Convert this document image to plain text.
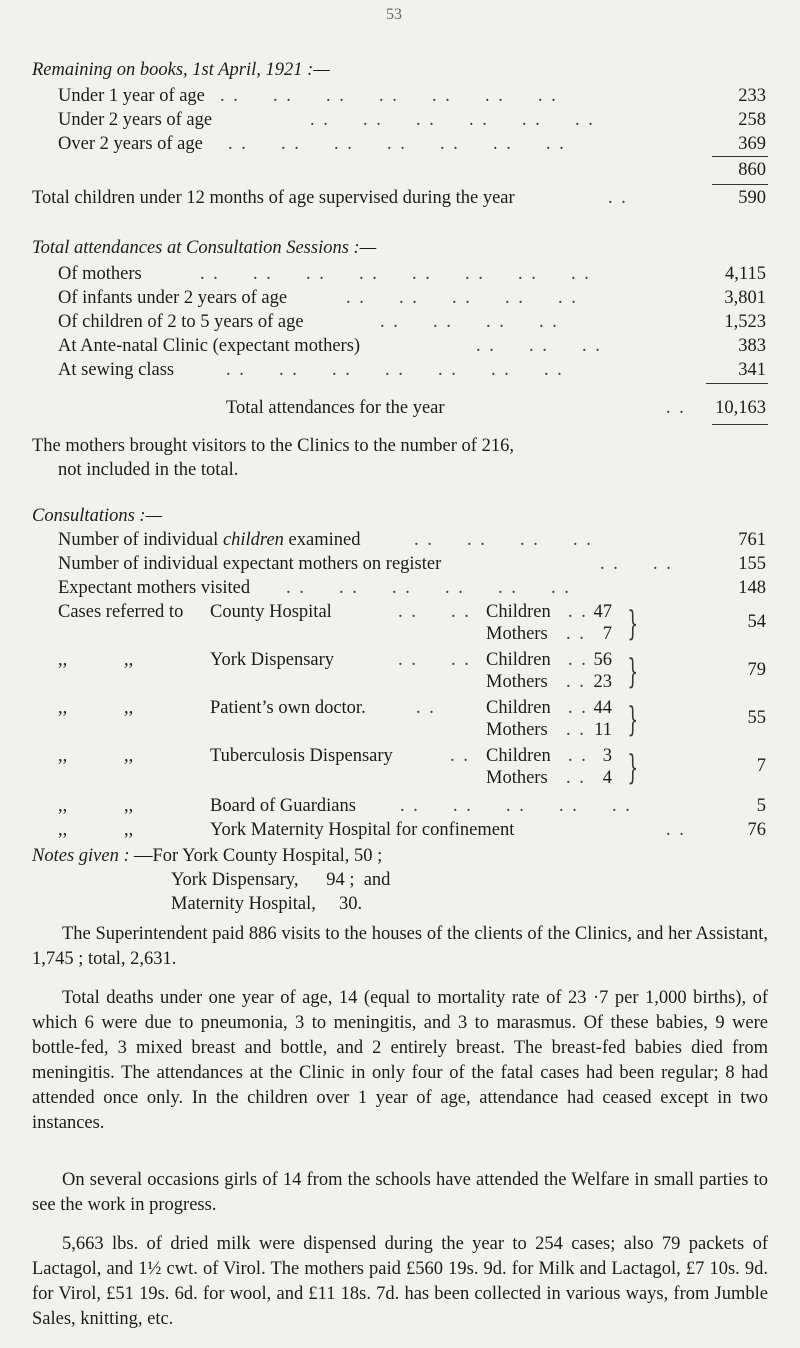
53
Remaining on books, 1st April, 1921 :—
Under 1 year of age . .     . .     . .     . .     . .     . .     . .	233
Under 2 years of age	. .     . .     . .     . .     . .     . .	258
Over 2 years of age . .     . .     . .     . .     . .     . .     . .	369
860
Total children under 12 months of age supervised during the year	. .	590
Total attendances at Consultation Sessions :—
Of mothers	. .     . .     . .     . .     . .     . .     . .     . .	4,115
Of infants under 2 years of age	. .     . .     . .     . .     . .	3,801
Of children of 2 to 5 years of age	. .     . .     . .     . .	1,523
At Ante-natal Clinic (expectant mothers)	. .     . .     . .	383
At sewing class	. .     . .     . .     . .     . .     . .     . .	341
Total attendances for the year	. . 10,163
The mothers brought visitors to the Clinics to the number of 216,
not included in the total.
Consultations :—
Number of individual children examined	. .     . .     . .     . .	761
Number of individual expectant mothers on register	. .     . .	155
Expectant mothers visited . .     . .     . .     . .     . .     . .	148
Cases referred to County Hospital	. .     . . Children . . 47
Mothers . . 7 }	54
,,	,,	York Dispensary	. .     . . Children . . 56
Mothers . . 23 }	79
,,	,,	Patient’s own doctor.	. .	Children . . 44
Mothers . . 11 }	55
,,	,,	Tuberculosis Dispensary	. . Children . . 3
Mothers . . 4 }	7
,,	,,	Board of Guardians . .     . .     . .     . .     . .	5
,,	,,	York Maternity Hospital for confinement	. .	76
Notes given : —For York County Hospital, 50 ;
York Dispensary,      94 ;  and
Maternity Hospital,     30.

The Superintendent paid 886 visits to the houses of the clients of the Clinics, and her Assistant, 1,745 ; total, 2,631.

Total deaths under one year of age, 14 (equal to mortality rate of 23 ·7 per 1,000 births), of which 6 were due to pneumonia, 3 to meningitis, and 3 to marasmus. Of these babies, 9 were bottle-fed, 3 mixed breast and bottle, and 2 entirely breast. The breast-fed babies died from meningitis. The attendances at the Clinic in only four of the fatal cases had been regular; 8 had attended once only. In the children over 1 year of age, attendance had ceased except in two instances.

On several occasions girls of 14 from the schools have attended the Welfare in small parties to see the work in progress.

5,663 lbs. of dried milk were dispensed during the year to 254 cases; also 79 packets of Lactagol, and 1½ cwt. of Virol. The mothers paid £560 19s. 9d. for Milk and Lactagol, £7 10s. 9d. for Virol, £51 19s. 6d. for wool, and £11 18s. 7d. has been collected in various ways, from Jumble Sales, knitting, etc.
